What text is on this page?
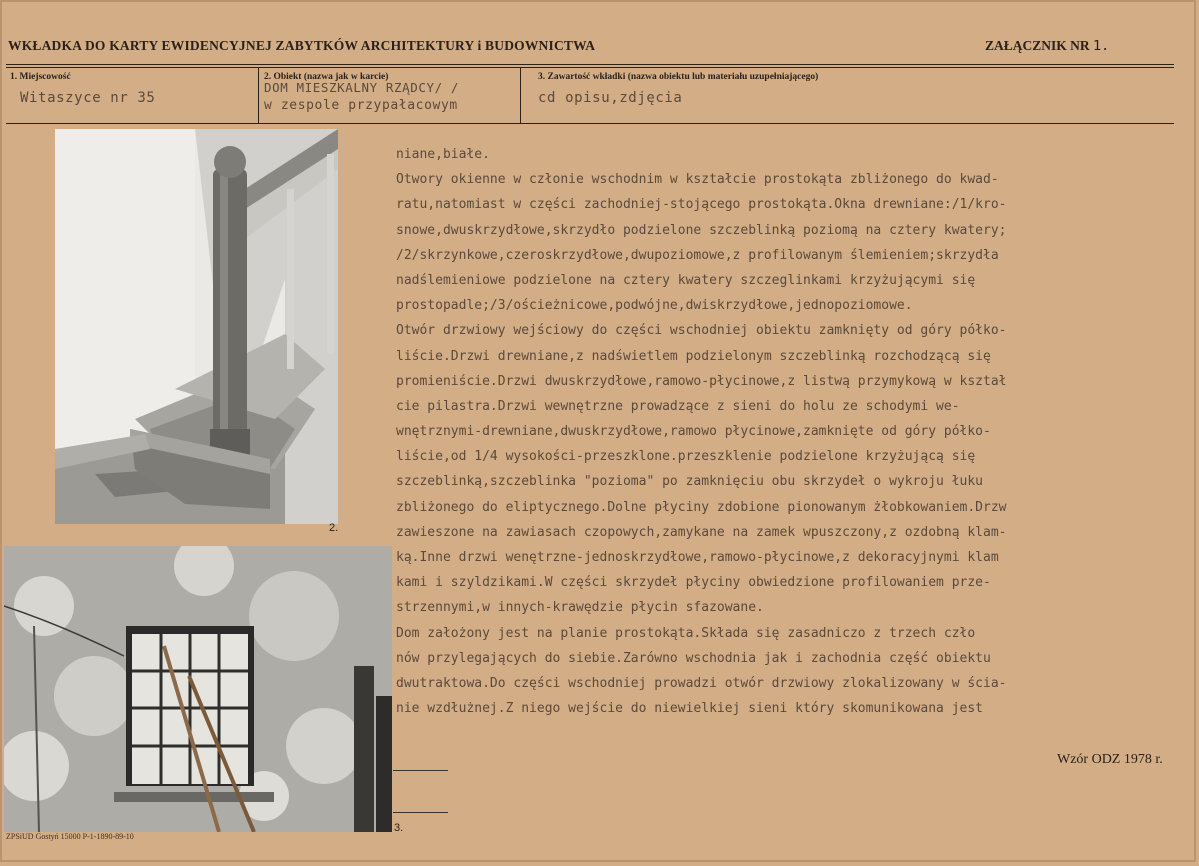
WKŁADKA DO KARTY EWIDENCYJNEJ ZABYTKÓW ARCHITEKTURY i BUDOWNICTWA	ZAŁĄCZNIK NR 1.
1. Miejscowość
Witaszyce nr 35
2. Obiekt (nazwa jak w karcie)
DOM MIESZKALNY RZĄDCY/ /
w zespole przypałacowym
3. Zawartość wkładki (nazwa obiektu lub materiału uzupełniającego)
cd opisu,zdjęcia
2.
3.
niane,białe.
Otwory okienne w członie wschodnim w kształcie prostokąta zbliżonego do kwad-
ratu,natomiast w części zachodniej-stojącego prostokąta.Okna drewniane:/1/kro-
snowe,dwuskrzydłowe,skrzydło podzielone szczeblinką poziomą na cztery kwatery;
/2/skrzynkowe,czeroskrzydłowe,dwupoziomowe,z profilowanym ślemieniem;skrzydła
nadślemieniowe podzielone na cztery kwatery szczeglinkami krzyżującymi się
prostopadle;/3/ościeżnicowe,podwójne,dwiskrzydłowe,jednopoziomowe.
Otwór drzwiowy wejściowy do części wschodniej obiektu zamknięty od góry półko-
liście.Drzwi drewniane,z nadświetlem podzielonym szczeblinką rozchodzącą się
promieniście.Drzwi dwuskrzydłowe,ramowo-płycinowe,z listwą przymykową w kształ
cie pilastra.Drzwi wewnętrzne prowadzące z sieni do holu ze schodymi we-
wnętrznymi-drewniane,dwuskrzydłowe,ramowo płycinowe,zamknięte od góry półko-
liście,od 1/4 wysokości-przeszklone.przeszklenie podzielone krzyżującą się
szczeblinką,szczeblinka "pozioma" po zamknięciu obu skrzydeł o wykroju łuku
zbliżonego do eliptycznego.Dolne płyciny zdobione pionowanym żłobkowaniem.Drzw
zawieszone na zawiasach czopowych,zamykane na zamek wpuszczony,z ozdobną klam-
ką.Inne drzwi wenętrzne-jednoskrzydłowe,ramowo-płycinowe,z dekoracyjnymi klam
kami i szyldzikami.W części skrzydeł płyciny obwiedzione profilowaniem prze-
strzennymi,w innych-krawędzie płycin sfazowane.
Dom założony jest na planie prostokąta.Składa się zasadniczo z trzech czło
nów przylegających do siebie.Zarówno wschodnia jak i zachodnia część obiektu
dwutraktowa.Do części wschodniej prowadzi otwór drzwiowy zlokalizowany w ścia-
nie wzdłużnej.Z niego wejście do niewielkiej sieni który skomunikowana jest
Wzór ODZ 1978 r.
ZPSiUD Gostyń 15000 P-1-1890-89-10
